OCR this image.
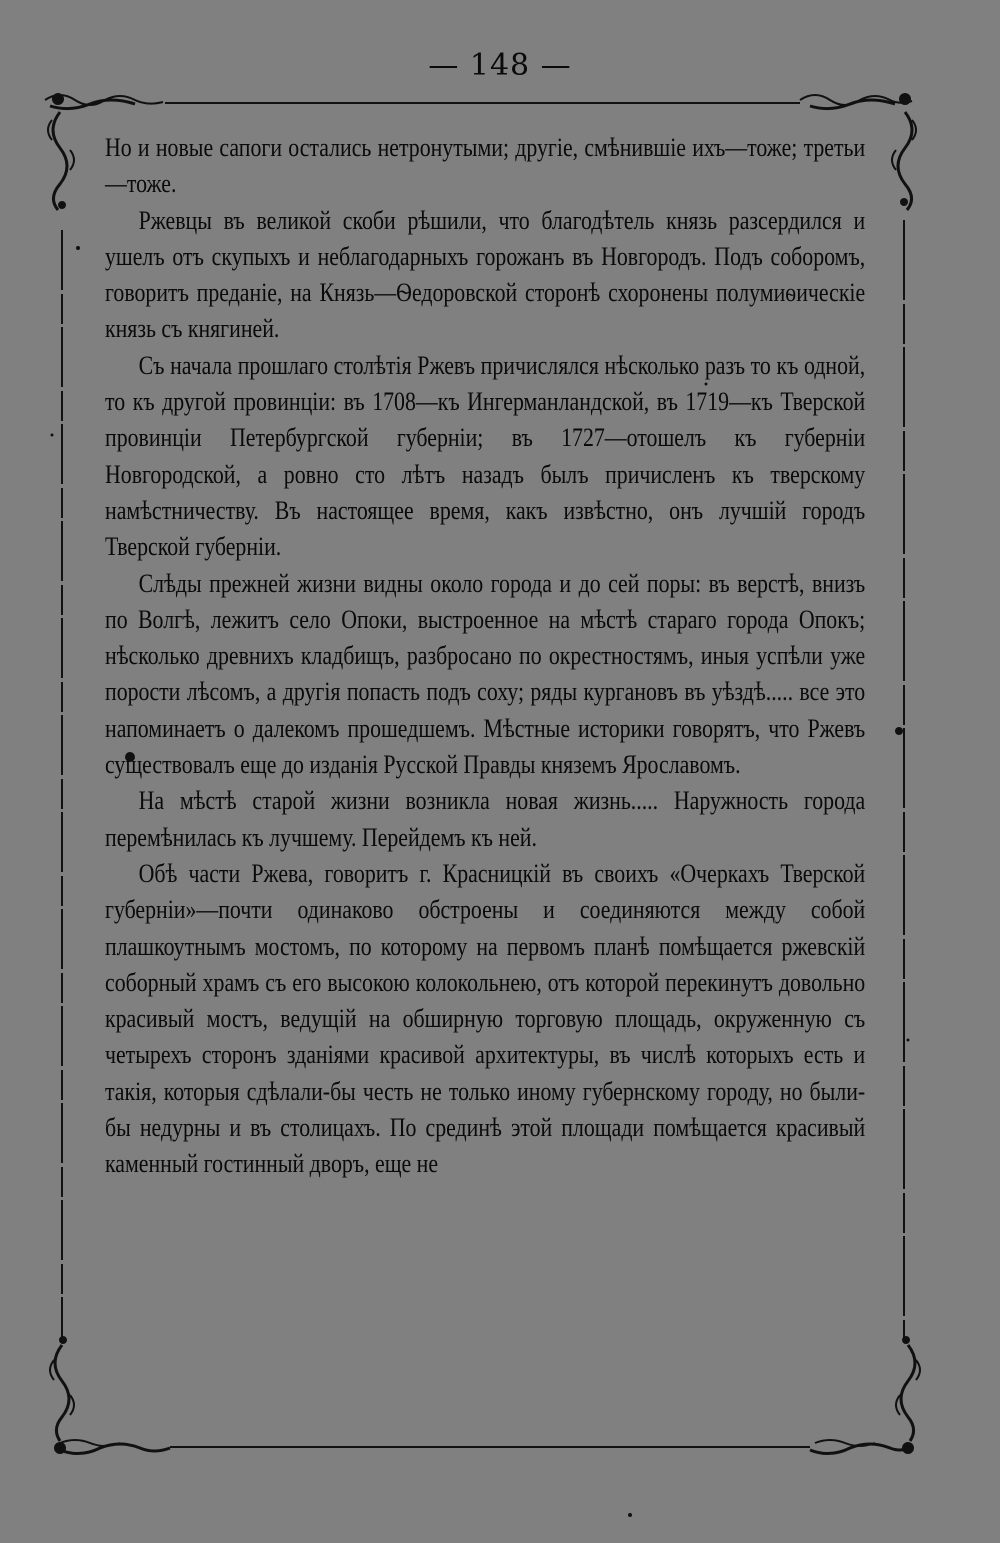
— 148 —

Но и новые сапоги остались нетронутыми; другіе, смѣнившіе ихъ—тоже; третьи—тоже.

Ржевцы въ великой скоби рѣшили, что благодѣтель князь разсердился и ушелъ отъ скупыхъ и неблагодарныхъ горожанъ въ Новгородъ. Подъ соборомъ, говоритъ преданіе, на Князь—Ѳедоровской сторонѣ схоронены полумиѳическіе князь съ княгиней.

Съ начала прошлаго столѣтія Ржевъ причислялся нѣсколько разъ то къ одной, то къ другой провинціи: въ 1708—къ Ингерманландской, въ 1719—къ Тверской провинціи Петербургской губерніи; въ 1727—отошелъ къ губерніи Новгородской, а ровно сто лѣтъ назадъ былъ причисленъ къ тверскому намѣстничеству. Въ настоящее время, какъ извѣстно, онъ лучшій городъ Тверской губерніи.

Слѣды прежней жизни видны около города и до сей поры: въ верстѣ, внизъ по Волгѣ, лежитъ село Опоки, выстроенное на мѣстѣ стараго города Опокъ; нѣсколько древнихъ кладбищъ, разбросано по окрестностямъ, иныя успѣли уже пороcти лѣсомъ, а другія попасть подъ соху; ряды кургановъ въ уѣздѣ..... все это напоминаетъ о далекомъ прошедшемъ. Мѣстные историки говорятъ, что Ржевъ существовалъ еще до изданія Русской Правды княземъ Ярославомъ.

На мѣстѣ старой жизни возникла новая жизнь..... Наружность города перемѣнилась къ лучшему. Перейдемъ къ ней.

Обѣ части Ржева, говоритъ г. Красницкій въ своихъ «Очеркахъ Тверской губерніи»—почти одинаково обстроены и соединяются между собой плашкоутнымъ мостомъ, по которому на первомъ планѣ помѣщается ржевскій соборный храмъ съ его высокою колокольнею, отъ которой перекинутъ довольно красивый мостъ, ведущій на обширную торговую площадь, окруженную съ четырехъ сторонъ зданіями красивой архитектуры, въ числѣ которыхъ есть и такія, которыя сдѣлали-бы честь не только иному губернскому городу, но были-бы недурны и въ столицахъ. По срединѣ этой площади помѣщается красивый каменный гостинный дворъ, еще не
